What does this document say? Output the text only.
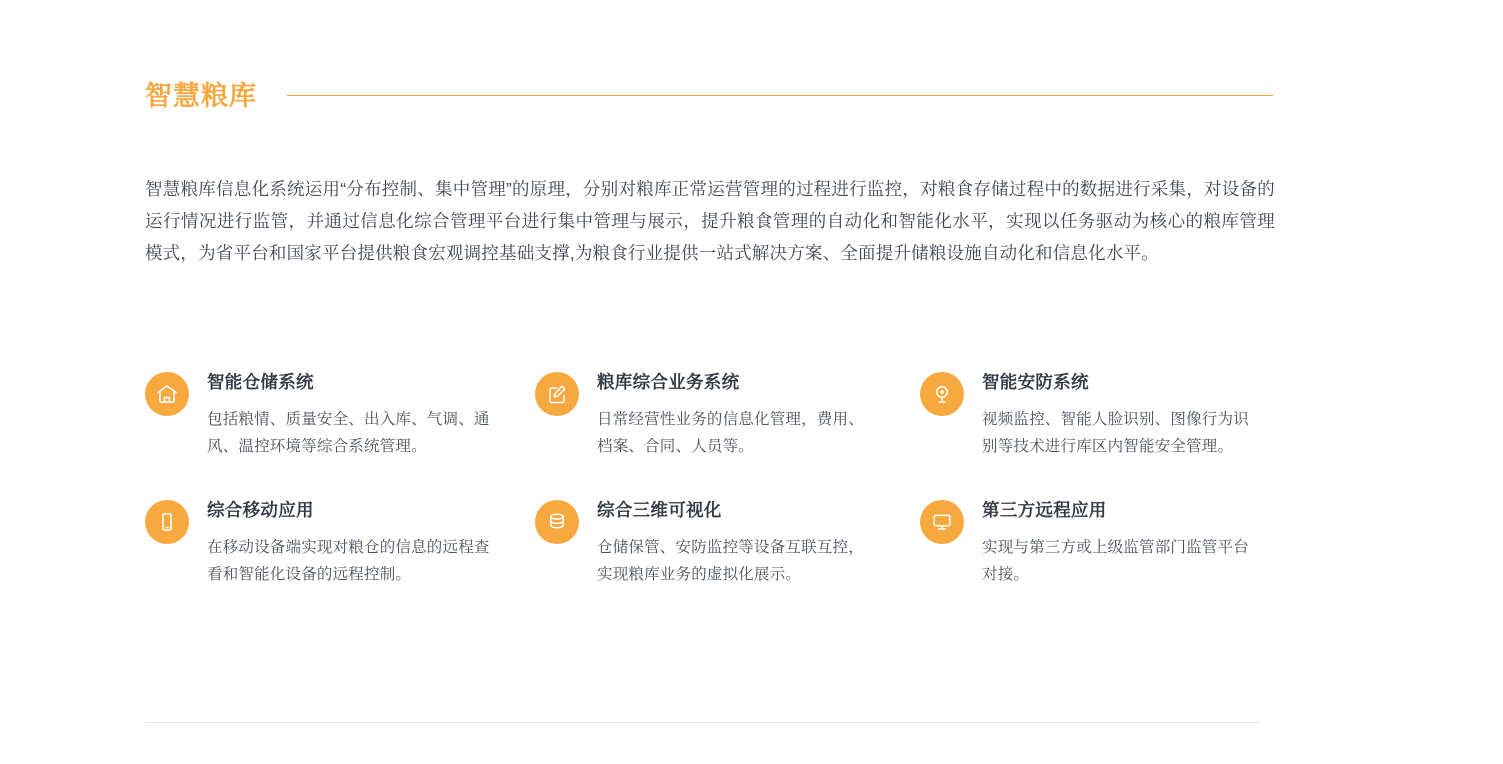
智慧粮库
智慧粮库信息化系统运用“分布控制、集中管理”的原理，分别对粮库正常运营管理的过程进行监控，对粮食存储过程中的数据进行采集，对设备的运行情况进行监管，并通过信息化综合管理平台进行集中管理与展示，提升粮食管理的自动化和智能化水平，实现以任务驱动为核心的粮库管理模式，为省平台和国家平台提供粮食宏观调控基础支撑,为粮食行业提供一站式解决方案、全面提升储粮设施自动化和信息化水平。
智能仓储系统
包括粮情、质量安全、出入库、气调、通风、温控环境等综合系统管理。
粮库综合业务系统
日常经营性业务的信息化管理，费用、档案、合同、人员等。
智能安防系统
视频监控、智能人脸识别、图像行为识别等技术进行库区内智能安全管理。
综合移动应用
在移动设备端实现对粮仓的信息的远程查看和智能化设备的远程控制。
综合三维可视化
仓储保管、安防监控等设备互联互控，实现粮库业务的虚拟化展示。
第三方远程应用
实现与第三方或上级监管部门监管平台对接。
